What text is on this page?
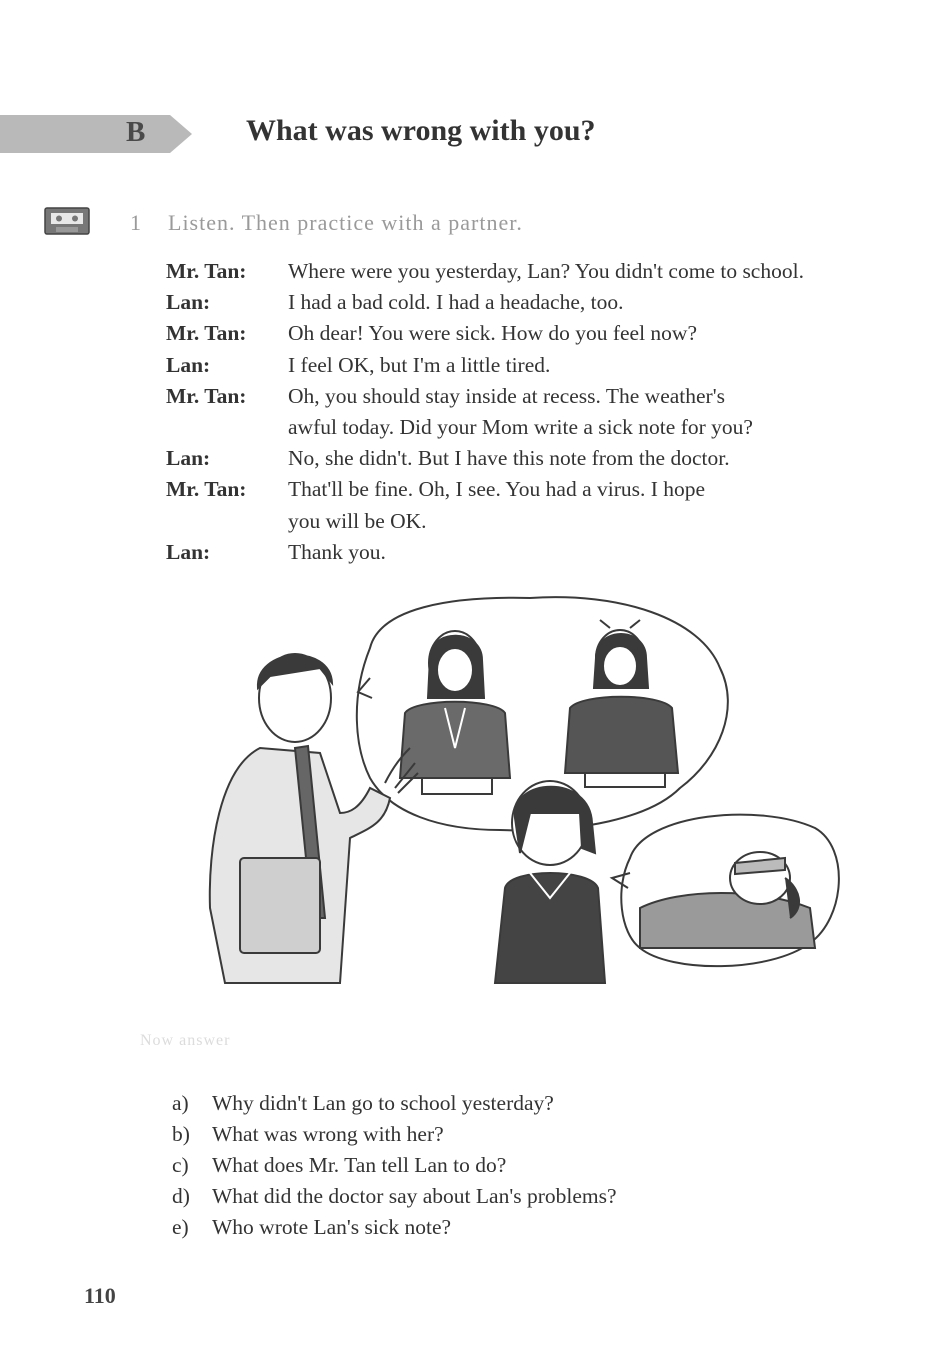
B	What was wrong with you?
1 Listen. Then practice with a partner.
Mr. Tan:	Where were you yesterday, Lan? You didn't come to school.
Lan:	I had a bad cold. I had a headache, too.
Mr. Tan:	Oh dear! You were sick. How do you feel now?
Lan:	I feel OK, but I'm a little tired.
Mr. Tan:	Oh, you should stay inside at recess. The weather's
awful today. Did your Mom write a sick note for you?
Lan:	No, she didn't. But I have this note from the doctor.
Mr. Tan:	That'll be fine. Oh, I see. You had a virus. I hope
you will be OK.
Lan:	Thank you.
Now answer
a)	Why didn't Lan go to school yesterday?
b)	What was wrong with her?
c)	What does Mr. Tan tell Lan to do?
d)	What did the doctor say about Lan's problems?
e)	Who wrote Lan's sick note?
110
